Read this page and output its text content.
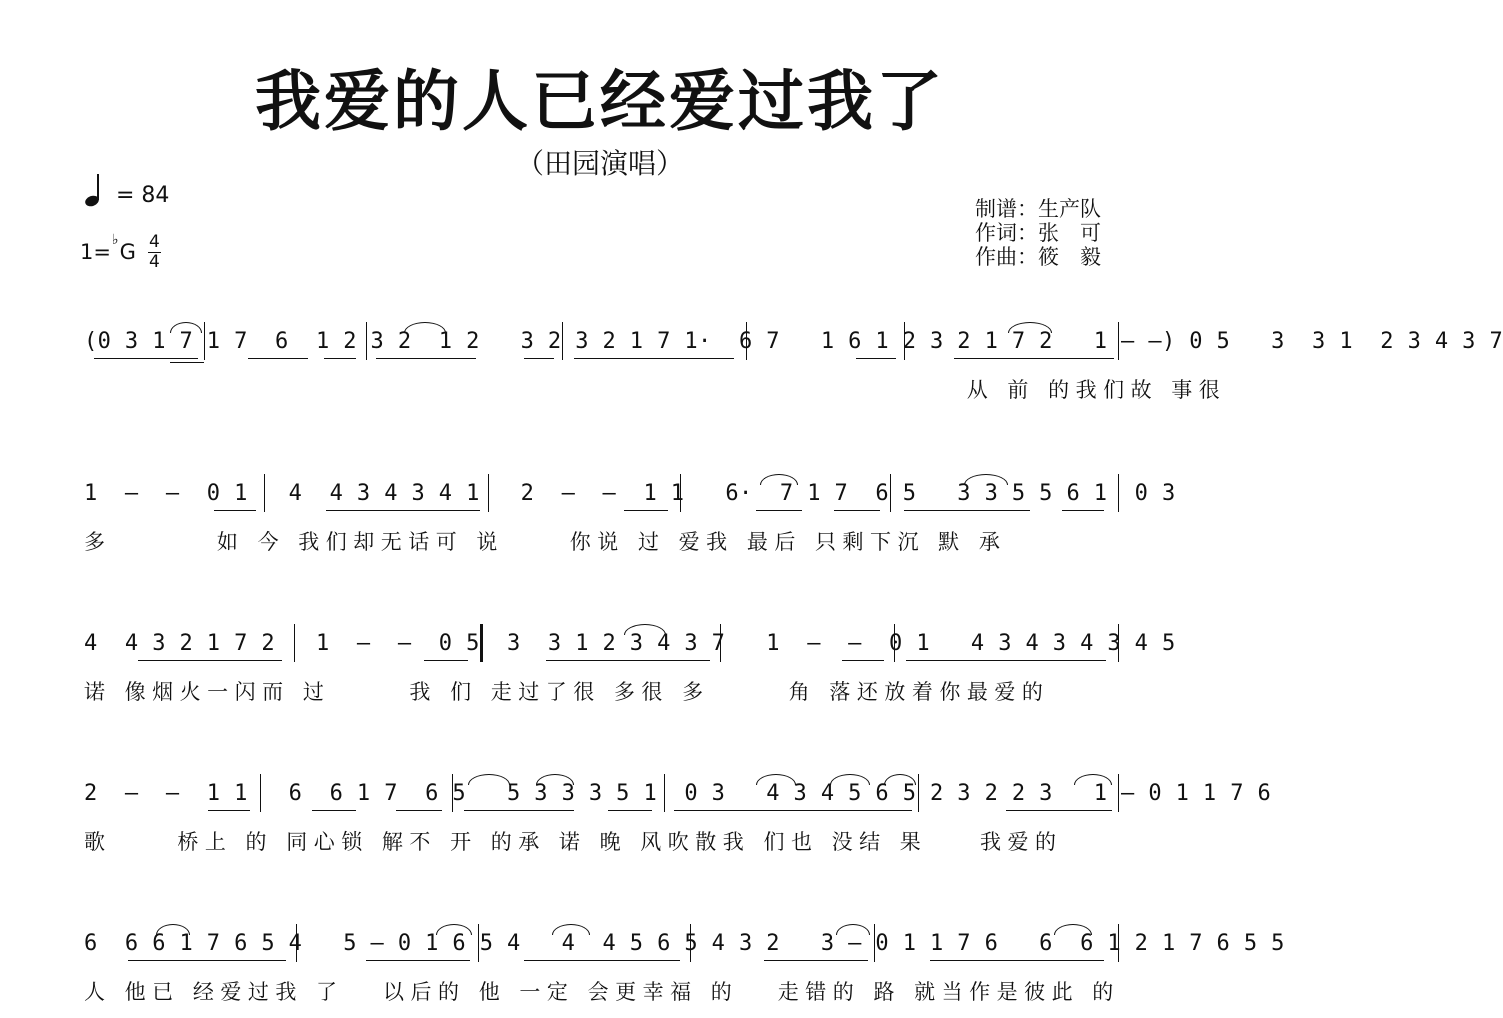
我爱的人已经爱过我了
（田园演唱）
= 84
1= ♭ G 4
4
制谱：生产队
作词：张　可
作曲：筱　毅
(0 3 1 7 1 7  6  1 2 3 2  1 2   3 2 3 2 1 7 1·  6 7   1 6 1 2 3 2 1 7 2   1 — —) 0 5   3  3 1  2 3 4 3 7
从 前 的我们故 事很
1  —  —  0 1   4  4 3 4 3 4 1   2  —  —  1 1   6·  7 1 7  6 5   3 3 5 5 6 1  0 3
多        如 今 我们却无话可 说     你说 过 爱我 最后 只剩下沉 默 承
4  4 3 2 1 7 2   1  —  —  0 5  3  3 1 2 3 4 3 7   1  —  —  0 1   4 3 4 3 4 3 4 5
诺 像烟火一闪而 过      我 们 走过了很 多很 多      角 落还放着你最爱的
2  —  —  1 1   6  6 1 7  6 5   5 3 3 3 5 1  0 3   4 3 4 5 6 5 2 3 2 2 3   1 — 0 1 1 7 6
歌     桥上 的 同心锁 解不 开 的承 诺 晚 风吹散我 们也 没结 果    我爱的
6  6 6 1 7 6 5 4   5 — 0 1 6 5 4   4  4 5 6 5 4 3 2   3 — 0 1 1 7 6   6  6 1 2 1 7 6 5 5
人 他已 经爱过我 了   以后的 他 一定 会更幸福 的   走错的 路 就当作是彼此 的
